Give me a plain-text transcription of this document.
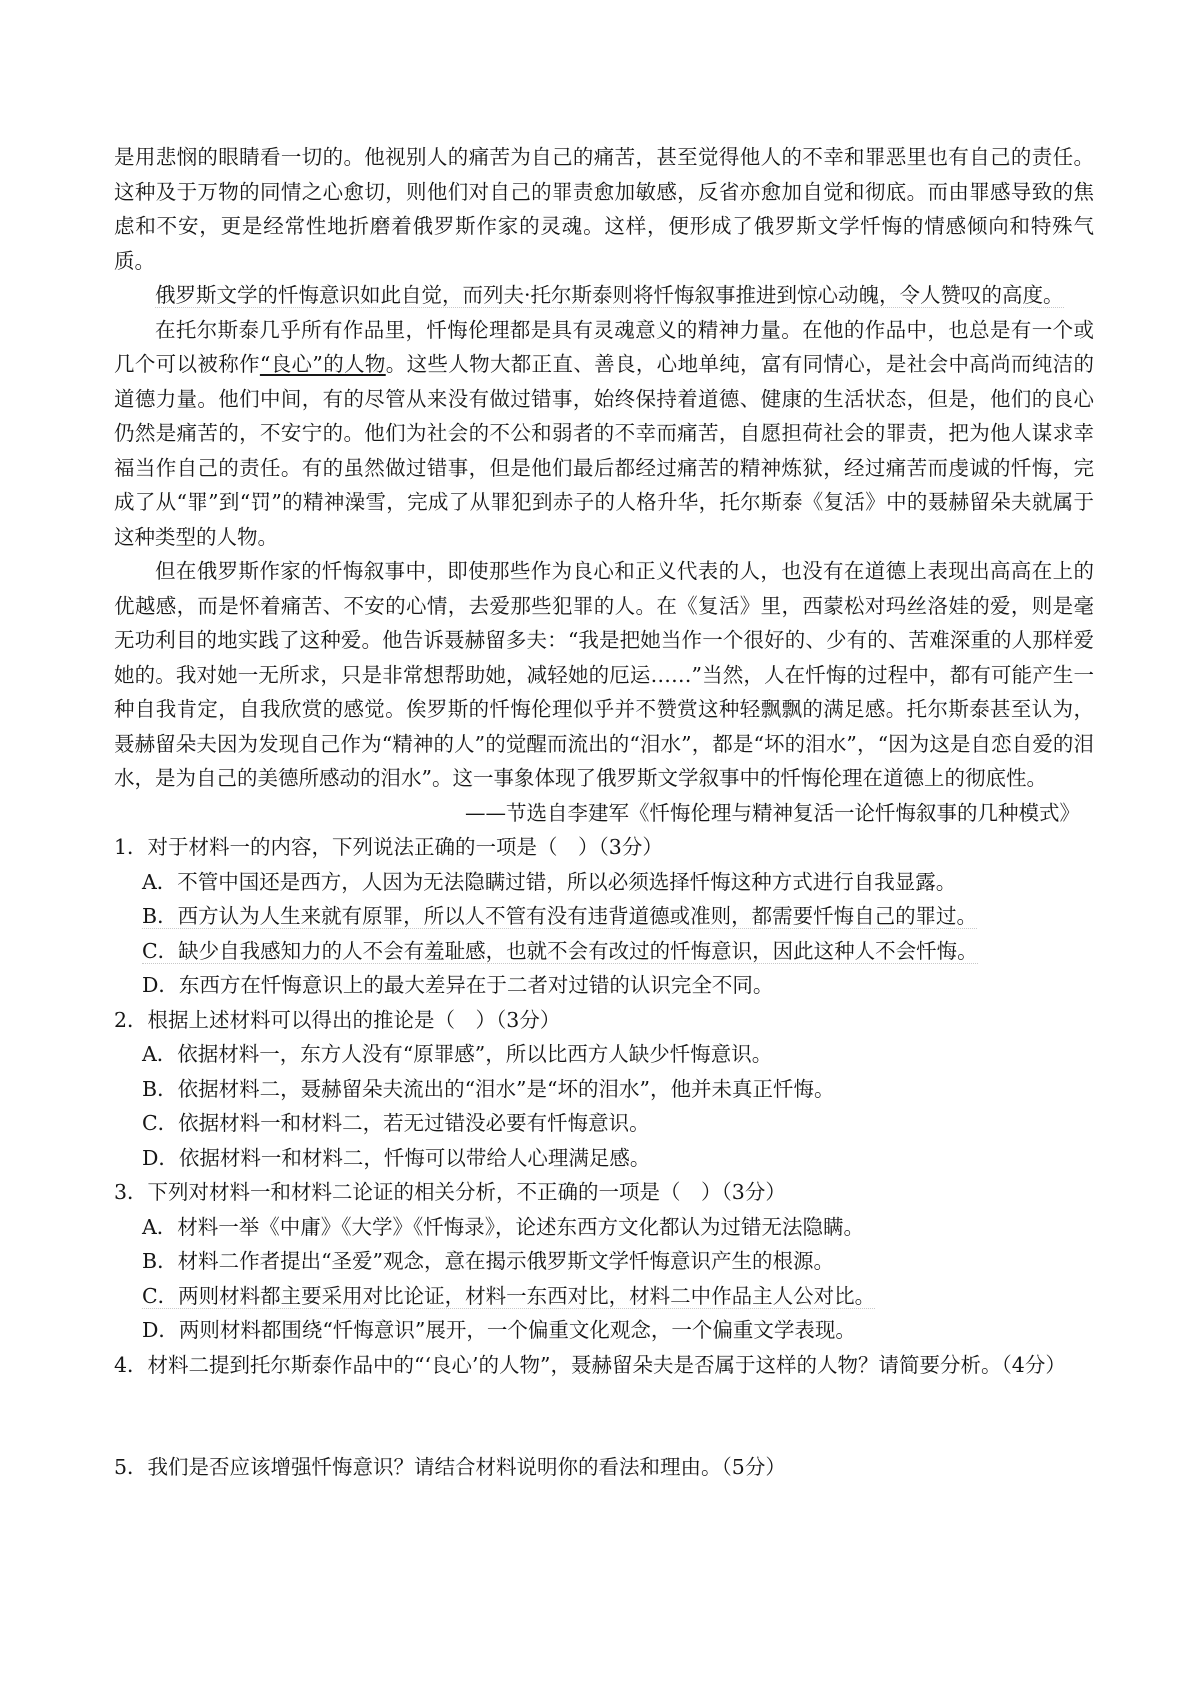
是用悲悯的眼睛看一切的。他视别人的痛苦为自己的痛苦，甚至觉得他人的不幸和罪恶里也有自己的责任。这种及于万物的同情之心愈切，则他们对自己的罪责愈加敏感，反省亦愈加自觉和彻底。而由罪感导致的焦虑和不安，更是经常性地折磨着俄罗斯作家的灵魂。这样，便形成了俄罗斯文学忏悔的情感倾向和特殊气质。

俄罗斯文学的忏悔意识如此自觉，而列夫·托尔斯泰则将忏悔叙事推进到惊心动魄，令人赞叹的高度。

在托尔斯泰几乎所有作品里，忏悔伦理都是具有灵魂意义的精神力量。在他的作品中，也总是有一个或几个可以被称作“良心”的人物。这些人物大都正直、善良，心地单纯，富有同情心，是社会中高尚而纯洁的道德力量。他们中间，有的尽管从来没有做过错事，始终保持着道德、健康的生活状态，但是，他们的良心仍然是痛苦的，不安宁的。他们为社会的不公和弱者的不幸而痛苦，自愿担荷社会的罪责，把为他人谋求幸福当作自己的责任。有的虽然做过错事，但是他们最后都经过痛苦的精神炼狱，经过痛苦而虔诚的忏悔，完成了从“罪”到“罚”的精神澡雪，完成了从罪犯到赤子的人格升华，托尔斯泰《复活》中的聂赫留朵夫就属于这种类型的人物。

但在俄罗斯作家的忏悔叙事中，即使那些作为良心和正义代表的人，也没有在道德上表现出高高在上的优越感，而是怀着痛苦、不安的心情，去爱那些犯罪的人。在《复活》里，西蒙松对玛丝洛娃的爱，则是毫无功利目的地实践了这种爱。他告诉聂赫留多夫：“我是把她当作一个很好的、少有的、苦难深重的人那样爱她的。我对她一无所求，只是非常想帮助她，减轻她的厄运……”当然，人在忏悔的过程中，都有可能产生一种自我肯定，自我欣赏的感觉。俟罗斯的忏悔伦理似乎并不赞赏这种轻飘飘的满足感。托尔斯泰甚至认为，聂赫留朵夫因为发现自己作为“精神的人”的觉醒而流出的“泪水”，都是“坏的泪水”，“因为这是自恋自爱的泪水，是为自己的美德所感动的泪水”。这一事象体现了俄罗斯文学叙事中的忏悔伦理在道德上的彻底性。

——节选自李建军《忏悔伦理与精神复活一论忏悔叙事的几种模式》

1．对于材料一的内容，下列说法正确的一项是（　）（3分）

A．不管中国还是西方，人因为无法隐瞒过错，所以必须选择忏悔这种方式进行自我显露。

B．西方认为人生来就有原罪，所以人不管有没有违背道德或准则，都需要忏悔自己的罪过。

C．缺少自我感知力的人不会有羞耻感，也就不会有改过的忏悔意识，因此这种人不会忏悔。

D．东西方在忏悔意识上的最大差异在于二者对过错的认识完全不同。

2．根据上述材料可以得出的推论是（　）（3分）

A．依据材料一，东方人没有“原罪感”，所以比西方人缺少忏悔意识。

B．依据材料二，聂赫留朵夫流出的“泪水”是“坏的泪水”，他并未真正忏悔。

C．依据材料一和材料二，若无过错没必要有忏悔意识。

D．依据材料一和材料二，忏悔可以带给人心理满足感。

3．下列对材料一和材料二论证的相关分析，不正确的一项是（　）（3分）

A．材料一举《中庸》《大学》《忏悔录》，论述东西方文化都认为过错无法隐瞒。

B．材料二作者提出“圣爱”观念，意在揭示俄罗斯文学忏悔意识产生的根源。

C．两则材料都主要采用对比论证，材料一东西对比，材料二中作品主人公对比。

D．两则材料都围绕“忏悔意识”展开，一个偏重文化观念，一个偏重文学表现。

4．材料二提到托尔斯泰作品中的“‘良心’的人物”，聂赫留朵夫是否属于这样的人物？请简要分析。（4分）

5．我们是否应该增强忏悔意识？请结合材料说明你的看法和理由。（5分）
